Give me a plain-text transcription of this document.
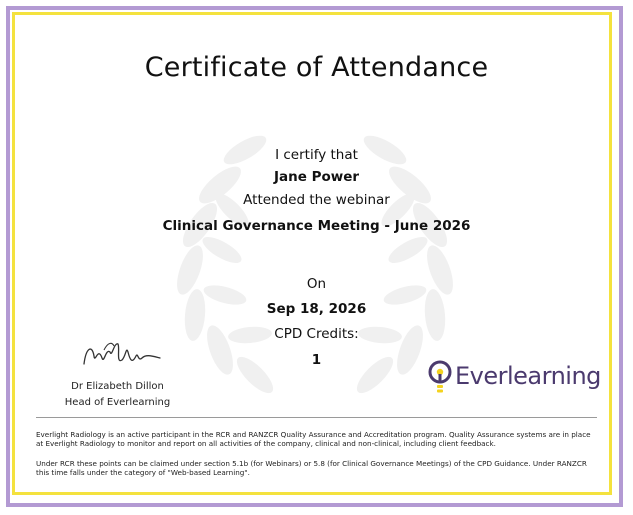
Certificate of Attendance
I certify that
Jane Power
Attended the webinar
Clinical Governance Meeting - June 2026
On
Sep 18, 2026
CPD Credits:
1
Dr Elizabeth Dillon
Head of Everlearning
Everlearning
Everlight Radiology is an active participant in the RCR and RANZCR Quality Assurance and Accreditation program. Quality Assurance systems are in place at Everlight Radiology to monitor and report on all activities of the company, clinical and non-clinical, including client feedback.
Under RCR these points can be claimed under section 5.1b (for Webinars) or 5.8 (for Clinical Governance Meetings) of the CPD Guidance. Under RANZCR this time falls under the category of "Web-based Learning".
